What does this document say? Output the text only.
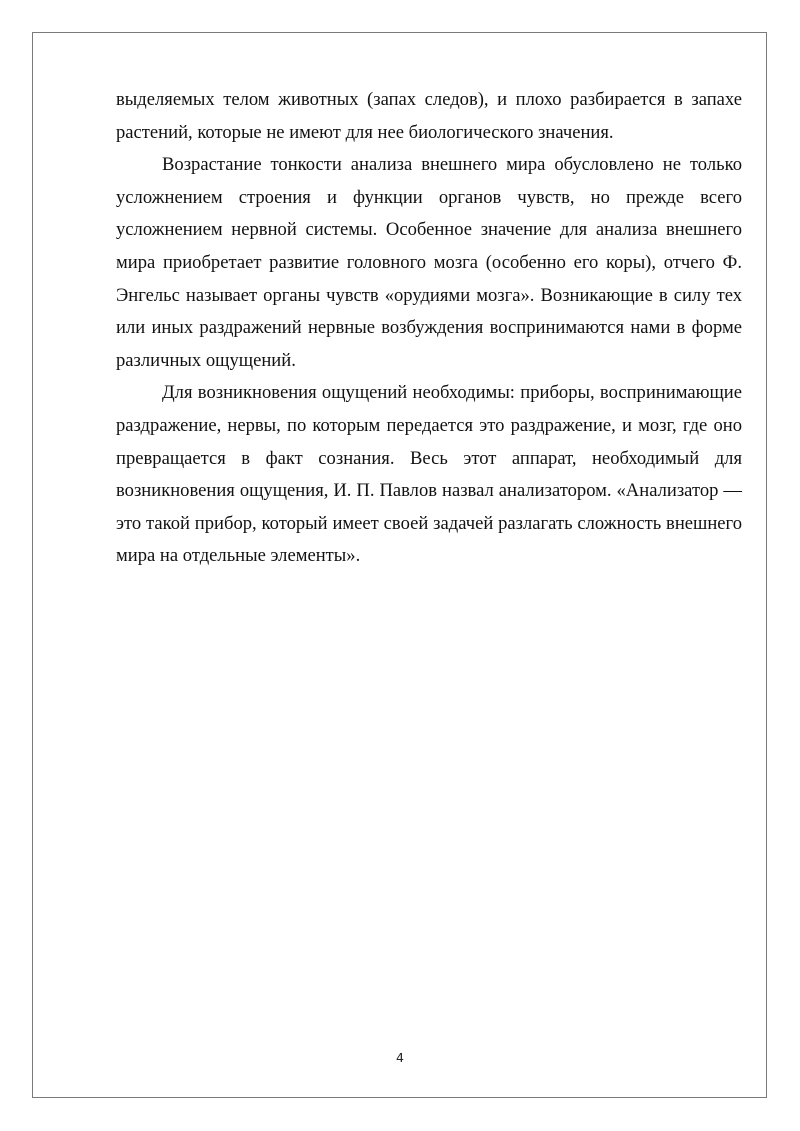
выделяемых телом животных (запах следов), и плохо разбирается в запахе растений, которые не имеют для нее биологического значения.

Возрастание тонкости анализа внешнего мира обусловлено не только усложнением строения и функции органов чувств, но прежде всего усложнением нервной системы. Особенное значение для анализа внешнего мира приобретает развитие головного мозга (особенно его коры), отчего Ф. Энгельс называет органы чувств «орудиями мозга». Возникающие в силу тех или иных раздражений нервные возбуждения воспринимаются нами в форме различных ощущений.

Для возникновения ощущений необходимы: приборы, воспринимающие раздражение, нервы, по которым передается это раздражение, и мозг, где оно превращается в факт сознания. Весь этот аппарат, необходимый для возникновения ощущения, И. П. Павлов назвал анализатором. «Анализатор — это такой прибор, который имеет своей задачей разлагать сложность внешнего мира на отдельные элементы».

4
